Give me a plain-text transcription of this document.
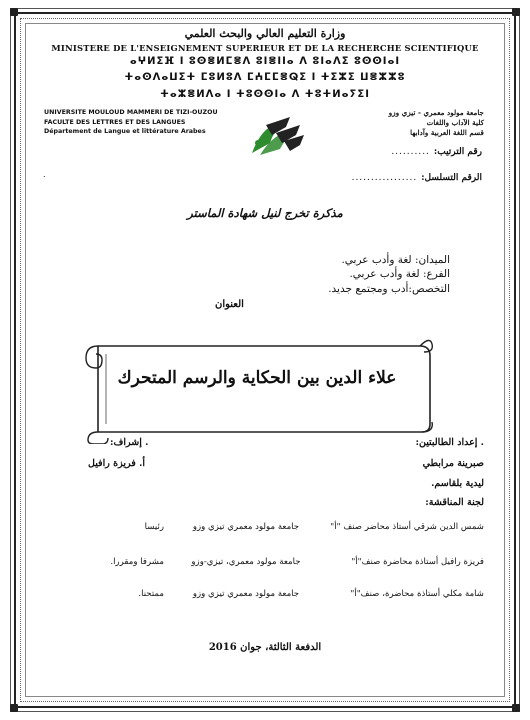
وزارة التعليم العالي والبحث العلمي
MINISTERE DE L'ENSEIGNEMENT SUPERIEUR ET DE LA RECHERCHE SCIENTIFIQUE
ⴰⵖⵍⵉⴼ ⵏ ⵓⵙⴻⵍⵎⴻⴷ ⵓⵏⴻⵏⵏⴰ ⴷ ⵓⵏⴰⴷⵉ ⵓⵙⵙⵏⴰⵏ
ⵜⴰⵙⴷⴰⵡⵉⵜ ⵎⵓⵍⵓⴷ ⵎⵄⵎⵎⴻⵕⵉ ⵏ ⵜⵉⵣⵉ ⵡⴻⵣⵣⵓ
ⵜⴰⵣⴻⵍⴷⴰ ⵏ ⵜⵓⵙⵙⵏⴰ ⴷ ⵜⵓⵜⵍⴰⵢⵉⵏ
UNIVERSITE MOULOUD MAMMERI DE TIZI-OUZOU
FACULTE DES LETTRES ET DES LANGUES
Département de Langue et littérature Arabes
.
جامعة مولود معمري - تيزي وزو
كلية الآداب واللغات
قسم اللغة العربية وآدابها
رقم الترتيب:..........
الرقم التسلسل:.................
مذكرة تخرج لنيل شهادة الماستر
الميدان: لغة وأدب عربي.
الفرع: لغة وأدب عربي.
التخصص:أدب ومجتمع جديد.
العنوان
علاء الدين بين الحكاية والرسم المتحرك
. إعداد الطالبتين:
. إشراف:
صبرينة مرابطي
أ. فريزة رافيل
ليدية بلقاسم.
لجنة المناقشة:
شمس الدين شرقي أستاذ محاضر صنف "أ"
جامعة مولود معمري تيزي وزو
رئيسا
فريزة رافيل أستاذة محاضرة صنف"أ"
جامعة مولود معمري، تيزي-وزو
مشرفا ومقررا.
شامة مكلي أستاذة محاضرة، صنف"أ"
جامعة مولود معمري تيزي وزو
ممتحنا.
الدفعة الثالثة، جوان 2016
